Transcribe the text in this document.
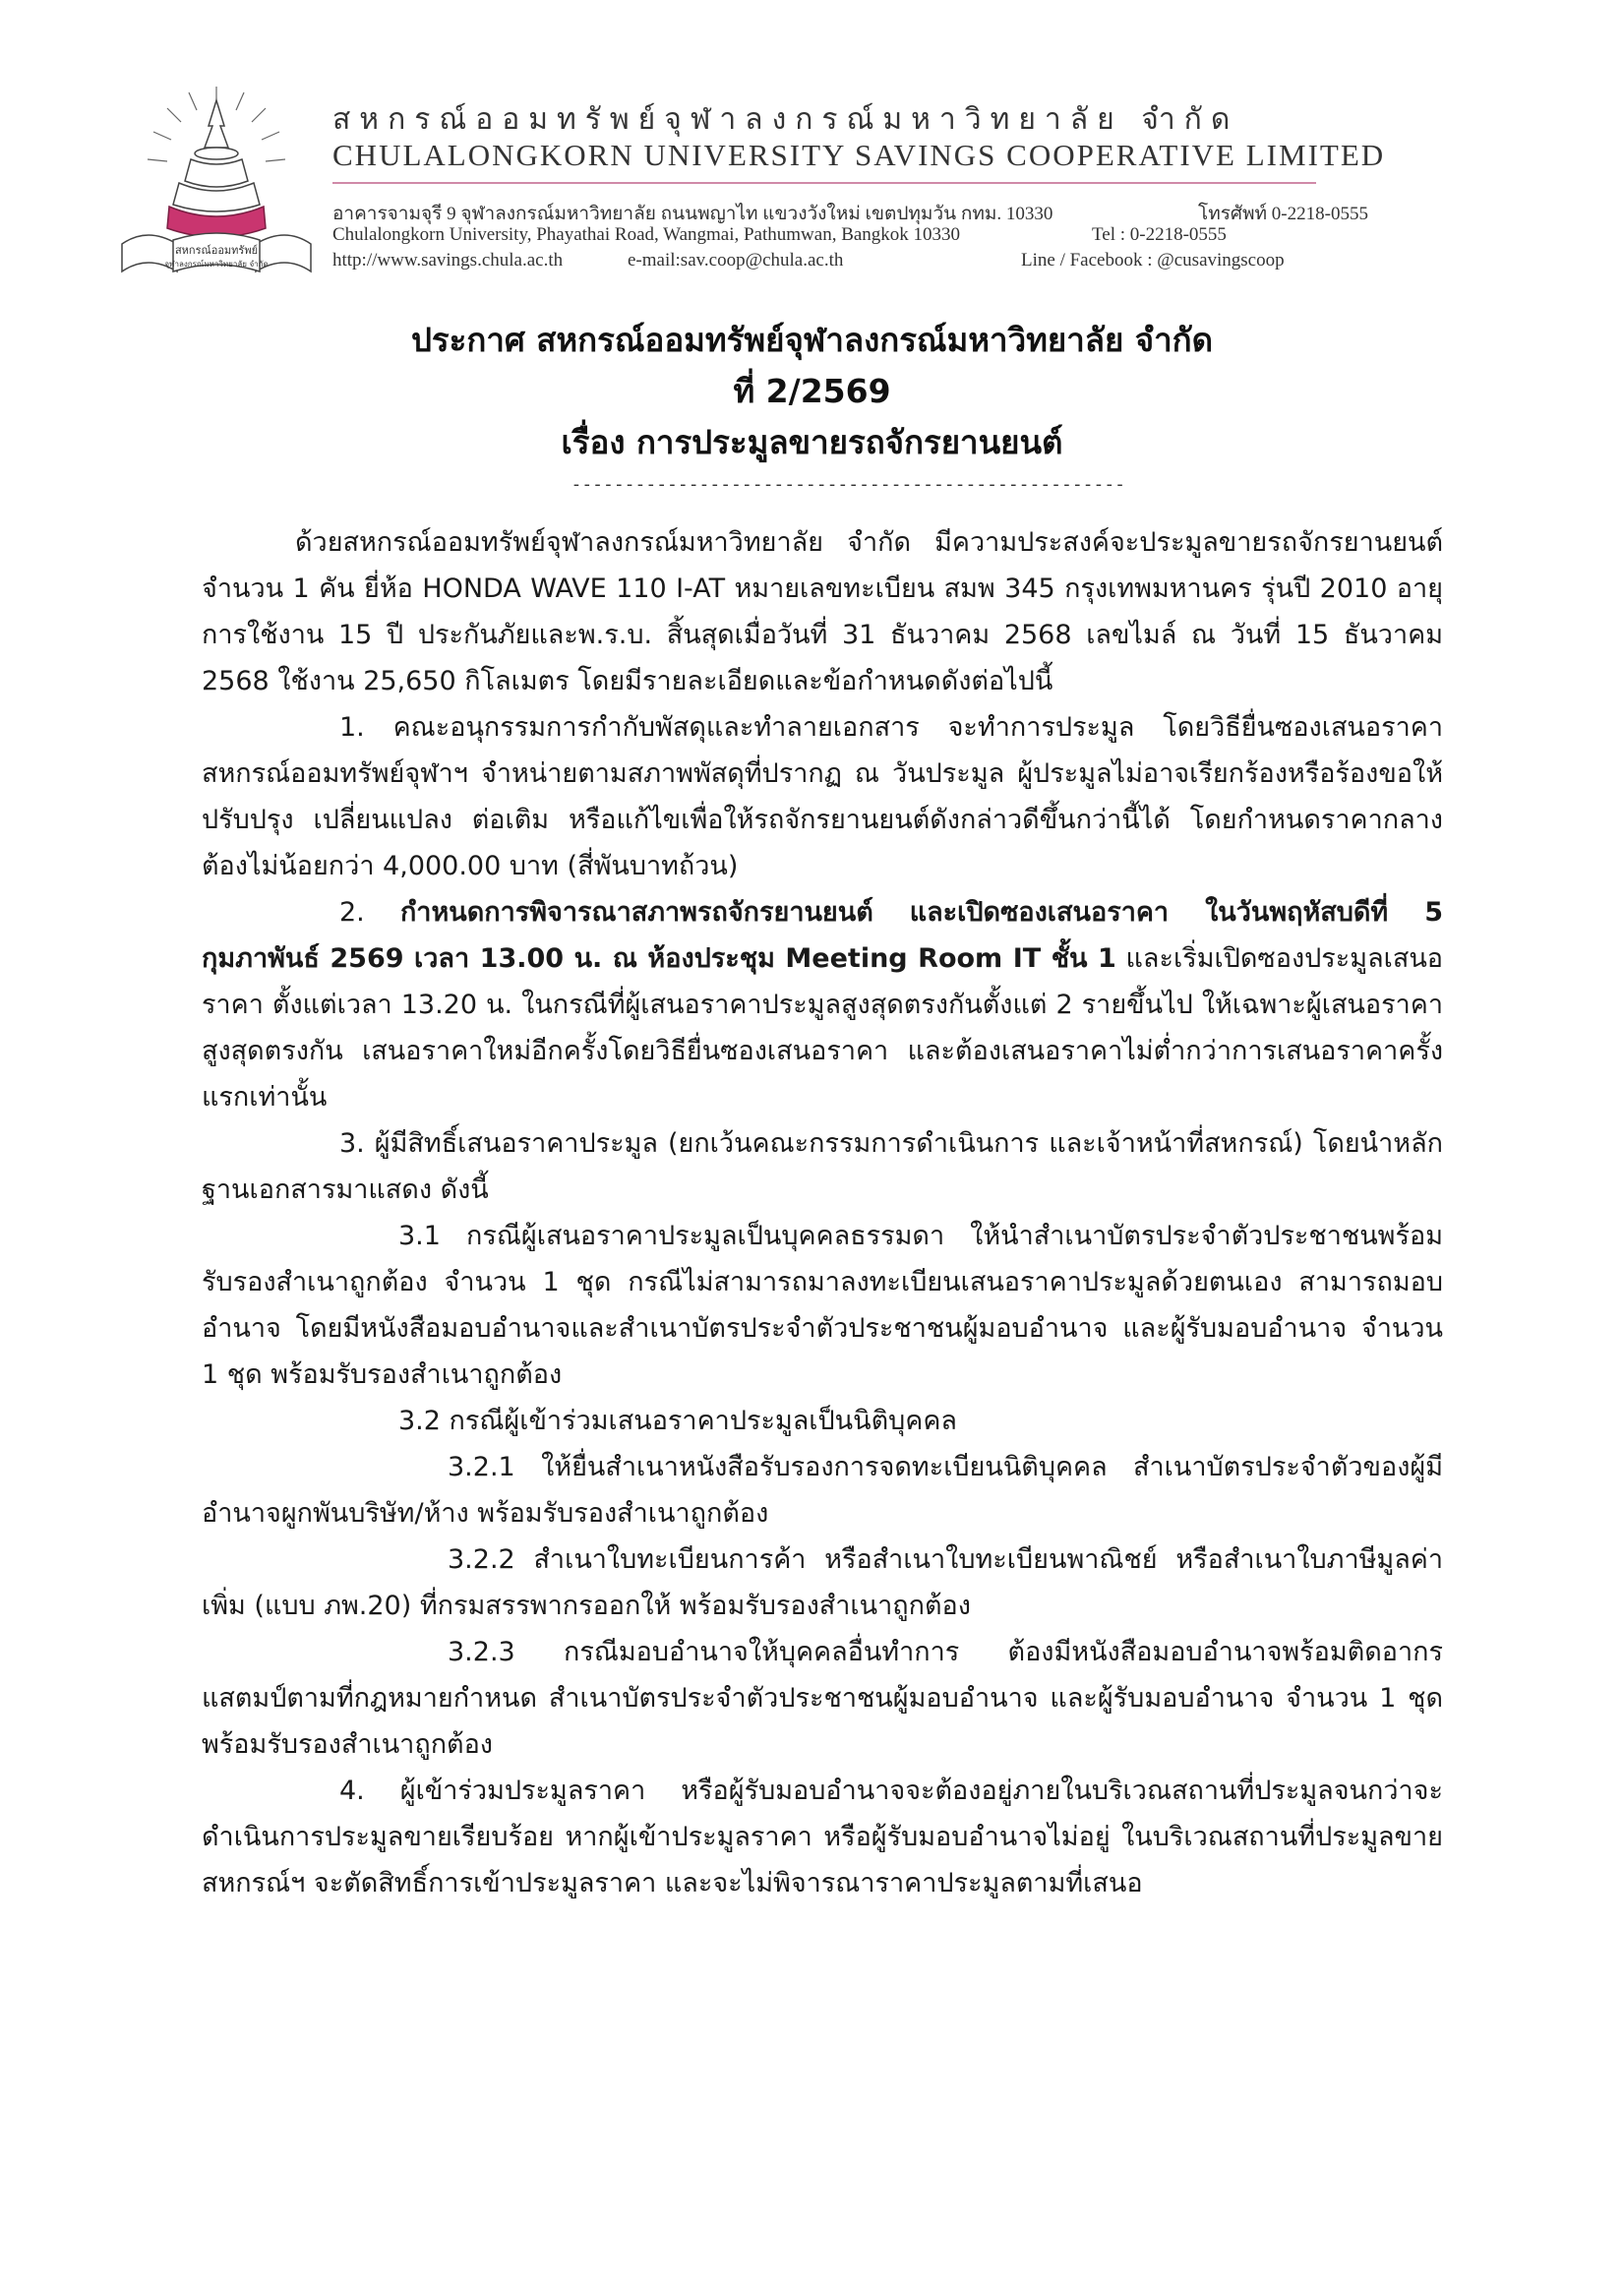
สหกรณ์ออมทรัพย์
จุฬาลงกรณ์มหาวิทยาลัย จำกัด
สหกรณ์ออมทรัพย์จุฬาลงกรณ์มหาวิทยาลัย จำกัด
CHULALONGKORN UNIVERSITY SAVINGS COOPERATIVE LIMITED
อาคารจามจุรี 9 จุฬาลงกรณ์มหาวิทยาลัย ถนนพญาไท แขวงวังใหม่ เขตปทุมวัน กทม. 10330	โทรศัพท์ 0-2218-0555
Chulalongkorn University, Phayathai Road, Wangmai, Pathumwan, Bangkok 10330	Tel : 0-2218-0555
http://www.savings.chula.ac.th	e-mail:sav.coop@chula.ac.th	Line / Facebook : @cusavingscoop
ประกาศ สหกรณ์ออมทรัพย์จุฬาลงกรณ์มหาวิทยาลัย จำกัด
ที่ 2/2569
เรื่อง การประมูลขายรถจักรยานยนต์
----------------------------------------------------

ด้วยสหกรณ์ออมทรัพย์จุฬาลงกรณ์มหาวิทยาลัย จำกัด มีความประสงค์จะประมูลขายรถจักรยานยนต์ จำนวน 1 คัน ยี่ห้อ HONDA WAVE 110 I-AT หมายเลขทะเบียน สมพ 345 กรุงเทพมหานคร รุ่นปี 2010 อายุการใช้งาน 15 ปี ประกันภัยและพ.ร.บ. สิ้นสุดเมื่อวันที่ 31 ธันวาคม 2568 เลขไมล์ ณ วันที่ 15 ธันวาคม 2568 ใช้งาน 25,650 กิโลเมตร โดยมีรายละเอียดและข้อกำหนดดังต่อไปนี้

1. คณะอนุกรรมการกำกับพัสดุและทำลายเอกสาร จะทำการประมูล โดยวิธียื่นซองเสนอราคา สหกรณ์ออมทรัพย์จุฬาฯ จำหน่ายตามสภาพพัสดุที่ปรากฏ ณ วันประมูล ผู้ประมูลไม่อาจเรียกร้องหรือร้องขอให้ปรับปรุง เปลี่ยนแปลง ต่อเติม หรือแก้ไขเพื่อให้รถจักรยานยนต์ดังกล่าวดีขึ้นกว่านี้ได้ โดยกำหนดราคากลาง ต้องไม่น้อยกว่า 4,000.00 บาท (สี่พันบาทถ้วน)

2. กำหนดการพิจารณาสภาพรถจักรยานยนต์ และเปิดซองเสนอราคา ในวันพฤหัสบดีที่ 5 กุมภาพันธ์ 2569 เวลา 13.00 น. ณ ห้องประชุม Meeting Room IT ชั้น 1 และเริ่มเปิดซองประมูลเสนอราคา ตั้งแต่เวลา 13.20 น. ในกรณีที่ผู้เสนอราคาประมูลสูงสุดตรงกันตั้งแต่ 2 รายขึ้นไป ให้เฉพาะผู้เสนอราคาสูงสุดตรงกัน เสนอราคาใหม่อีกครั้งโดยวิธียื่นซองเสนอราคา และต้องเสนอราคาไม่ต่ำกว่าการเสนอราคาครั้งแรกเท่านั้น

3. ผู้มีสิทธิ์เสนอราคาประมูล (ยกเว้นคณะกรรมการดำเนินการ และเจ้าหน้าที่สหกรณ์) โดยนำหลักฐานเอกสารมาแสดง ดังนี้

3.1 กรณีผู้เสนอราคาประมูลเป็นบุคคลธรรมดา ให้นำสำเนาบัตรประจำตัวประชาชนพร้อมรับรองสำเนาถูกต้อง จำนวน 1 ชุด กรณีไม่สามารถมาลงทะเบียนเสนอราคาประมูลด้วยตนเอง สามารถมอบอำนาจ โดยมีหนังสือมอบอำนาจและสำเนาบัตรประจำตัวประชาชนผู้มอบอำนาจ และผู้รับมอบอำนาจ จำนวน 1 ชุด พร้อมรับรองสำเนาถูกต้อง

3.2 กรณีผู้เข้าร่วมเสนอราคาประมูลเป็นนิติบุคคล

3.2.1 ให้ยื่นสำเนาหนังสือรับรองการจดทะเบียนนิติบุคคล สำเนาบัตรประจำตัวของผู้มีอำนาจผูกพันบริษัท/ห้าง พร้อมรับรองสำเนาถูกต้อง

3.2.2 สำเนาใบทะเบียนการค้า หรือสำเนาใบทะเบียนพาณิชย์ หรือสำเนาใบภาษีมูลค่าเพิ่ม (แบบ ภพ.20) ที่กรมสรรพากรออกให้ พร้อมรับรองสำเนาถูกต้อง

3.2.3 กรณีมอบอำนาจให้บุคคลอื่นทำการ ต้องมีหนังสือมอบอำนาจพร้อมติดอากรแสตมป์ตามที่กฎหมายกำหนด สำเนาบัตรประจำตัวประชาชนผู้มอบอำนาจ และผู้รับมอบอำนาจ จำนวน 1 ชุด พร้อมรับรองสำเนาถูกต้อง

4. ผู้เข้าร่วมประมูลราคา หรือผู้รับมอบอำนาจจะต้องอยู่ภายในบริเวณสถานที่ประมูลจนกว่าจะดำเนินการประมูลขายเรียบร้อย หากผู้เข้าประมูลราคา หรือผู้รับมอบอำนาจไม่อยู่ ในบริเวณสถานที่ประมูลขาย สหกรณ์ฯ จะตัดสิทธิ์การเข้าประมูลราคา และจะไม่พิจารณาราคาประมูลตามที่เสนอ
